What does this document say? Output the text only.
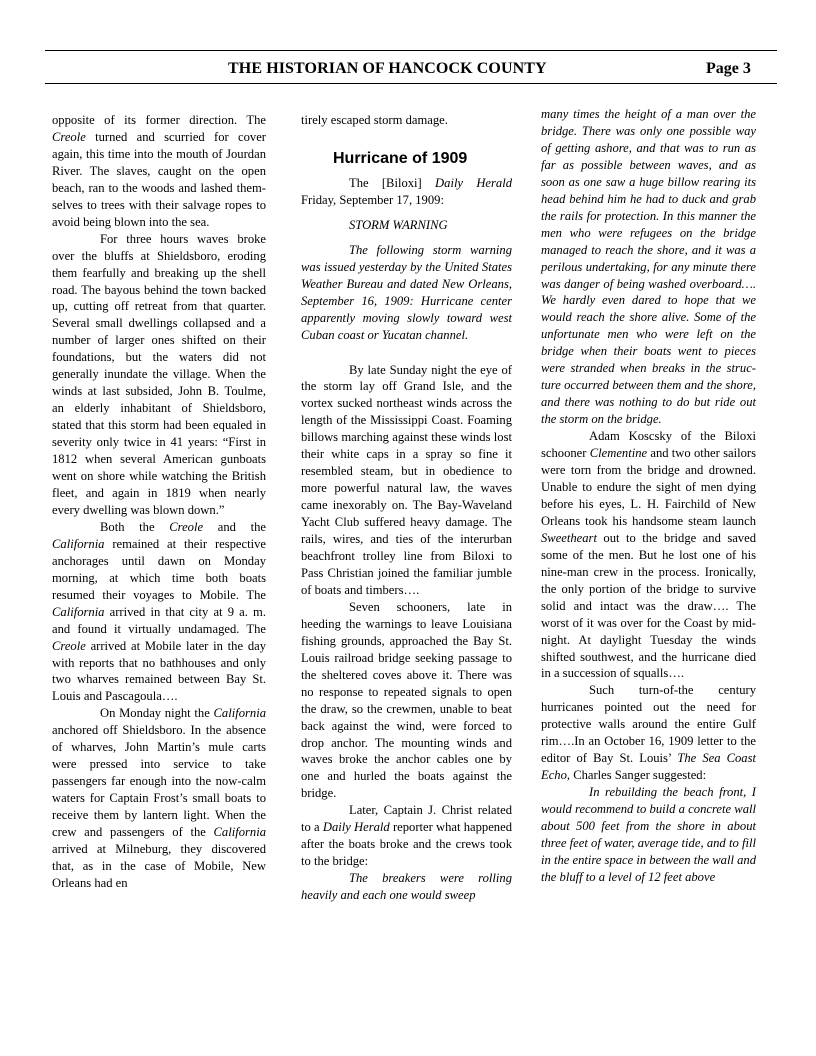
THE HISTORIAN OF HANCOCK COUNTY	Page 3

opposite of its former direction. The Creole turned and scurried for cover again, this time into the mouth of Jourdan River. The slaves, caught on the open beach, ran to the woods and lashed themselves to trees with their salvage ropes to avoid being blown into the sea.

For three hours waves broke over the bluffs at Shieldsboro, eroding them fearfully and breaking up the shell road. The bayous behind the town backed up, cutting off retreat from that quarter. Several small dwellings collapsed and a number of larger ones shifted on their foundations, but the waters did not generally inundate the village. When the winds at last subsided, John B. Toulme, an elderly inhabitant of Shieldsboro, stated that this storm had been equaled in severity only twice in 41 years: “First in 1812 when several American gunboats went on shore while watching the British fleet, and again in 1819 when nearly every dwelling was blown down.”

Both the Creole and the California remained at their respective anchorages until dawn on Monday morning, at which time both boats resumed their voyages to Mobile. The California arrived in that city at 9 a. m. and found it virtually undamaged. The Creole arrived at Mobile later in the day with reports that no bathhouses and only two wharves remained between Bay St. Louis and Pascagoula….

On Monday night the California anchored off Shieldsboro. In the absence of wharves, John Martin’s mule carts were pressed into service to take passengers far enough into the now-calm waters for Captain Frost’s small boats to receive them by lantern light. When the crew and passengers of the California arrived at Milneburg, they discovered that, as in the case of Mobile, New Orleans had en

tirely escaped storm damage.

Hurricane of 1909

The [Biloxi] Daily Herald Friday, September 17, 1909:

STORM WARNING

The following storm warning was issued yesterday by the United States Weather Bureau and dated New Orleans, September 16, 1909: Hurricane center apparently moving slowly toward west Cuban coast or Yucatan channel.

By late Sunday night the eye of the storm lay off Grand Isle, and the vortex sucked northeast winds across the length of the Mississippi Coast. Foaming billows marching against these winds lost their white caps in a spray so fine it resembled steam, but in obedience to more powerful natural law, the waves came inexorably on. The Bay-Waveland Yacht Club suffered heavy damage. The rails, wires, and ties of the interurban beachfront trolley line from Biloxi to Pass Christian joined the familiar jumble of boats and timbers….

Seven schooners, late in heeding the warnings to leave Louisiana fishing grounds, approached the Bay St. Louis railroad bridge seeking passage to the sheltered coves above it. There was no response to repeated signals to open the draw, so the crewmen, unable to beat back against the wind, were forced to drop anchor. The mounting winds and waves broke the anchor cables one by one and hurled the boats against the bridge.

Later, Captain J. Christ related to a Daily Herald reporter what happened after the boats broke and the crews took to the bridge:

The breakers were rolling heavily and each one would sweep

many times the height of a man over the bridge. There was only one possible way of getting ashore, and that was to run as far as possible between waves, and as soon as one saw a huge billow rearing its head behind him he had to duck and grab the rails for protection. In this manner the men who were refugees on the bridge managed to reach the shore, and it was a perilous undertaking, for any minute there was danger of being washed overboard…. We hardly even dared to hope that we would reach the shore alive. Some of the unfortunate men who were left on the bridge when their boats went to pieces were stranded when breaks in the structure occurred between them and the shore, and there was nothing to do but ride out the storm on the bridge.

Adam Koscsky of the Biloxi schooner Clementine and two other sailors were torn from the bridge and drowned. Unable to endure the sight of men dying before his eyes, L. H. Fairchild of New Orleans took his handsome steam launch Sweetheart out to the bridge and saved some of the men. But he lost one of his nine-man crew in the process. Ironically, the only portion of the bridge to survive solid and intact was the draw…. The worst of it was over for the Coast by midnight. At daylight Tuesday the winds shifted southwest, and the hurricane died in a succession of squalls….

Such turn-of-the century hurricanes pointed out the need for protective walls around the entire Gulf rim….In an October 16, 1909 letter to the editor of Bay St. Louis’ The Sea Coast Echo, Charles Sanger suggested:

In rebuilding the beach front, I would recommend to build a concrete wall about 500 feet from the shore in about three feet of water, average tide, and to fill in the entire space in between the wall and the bluff to a level of 12 feet above
